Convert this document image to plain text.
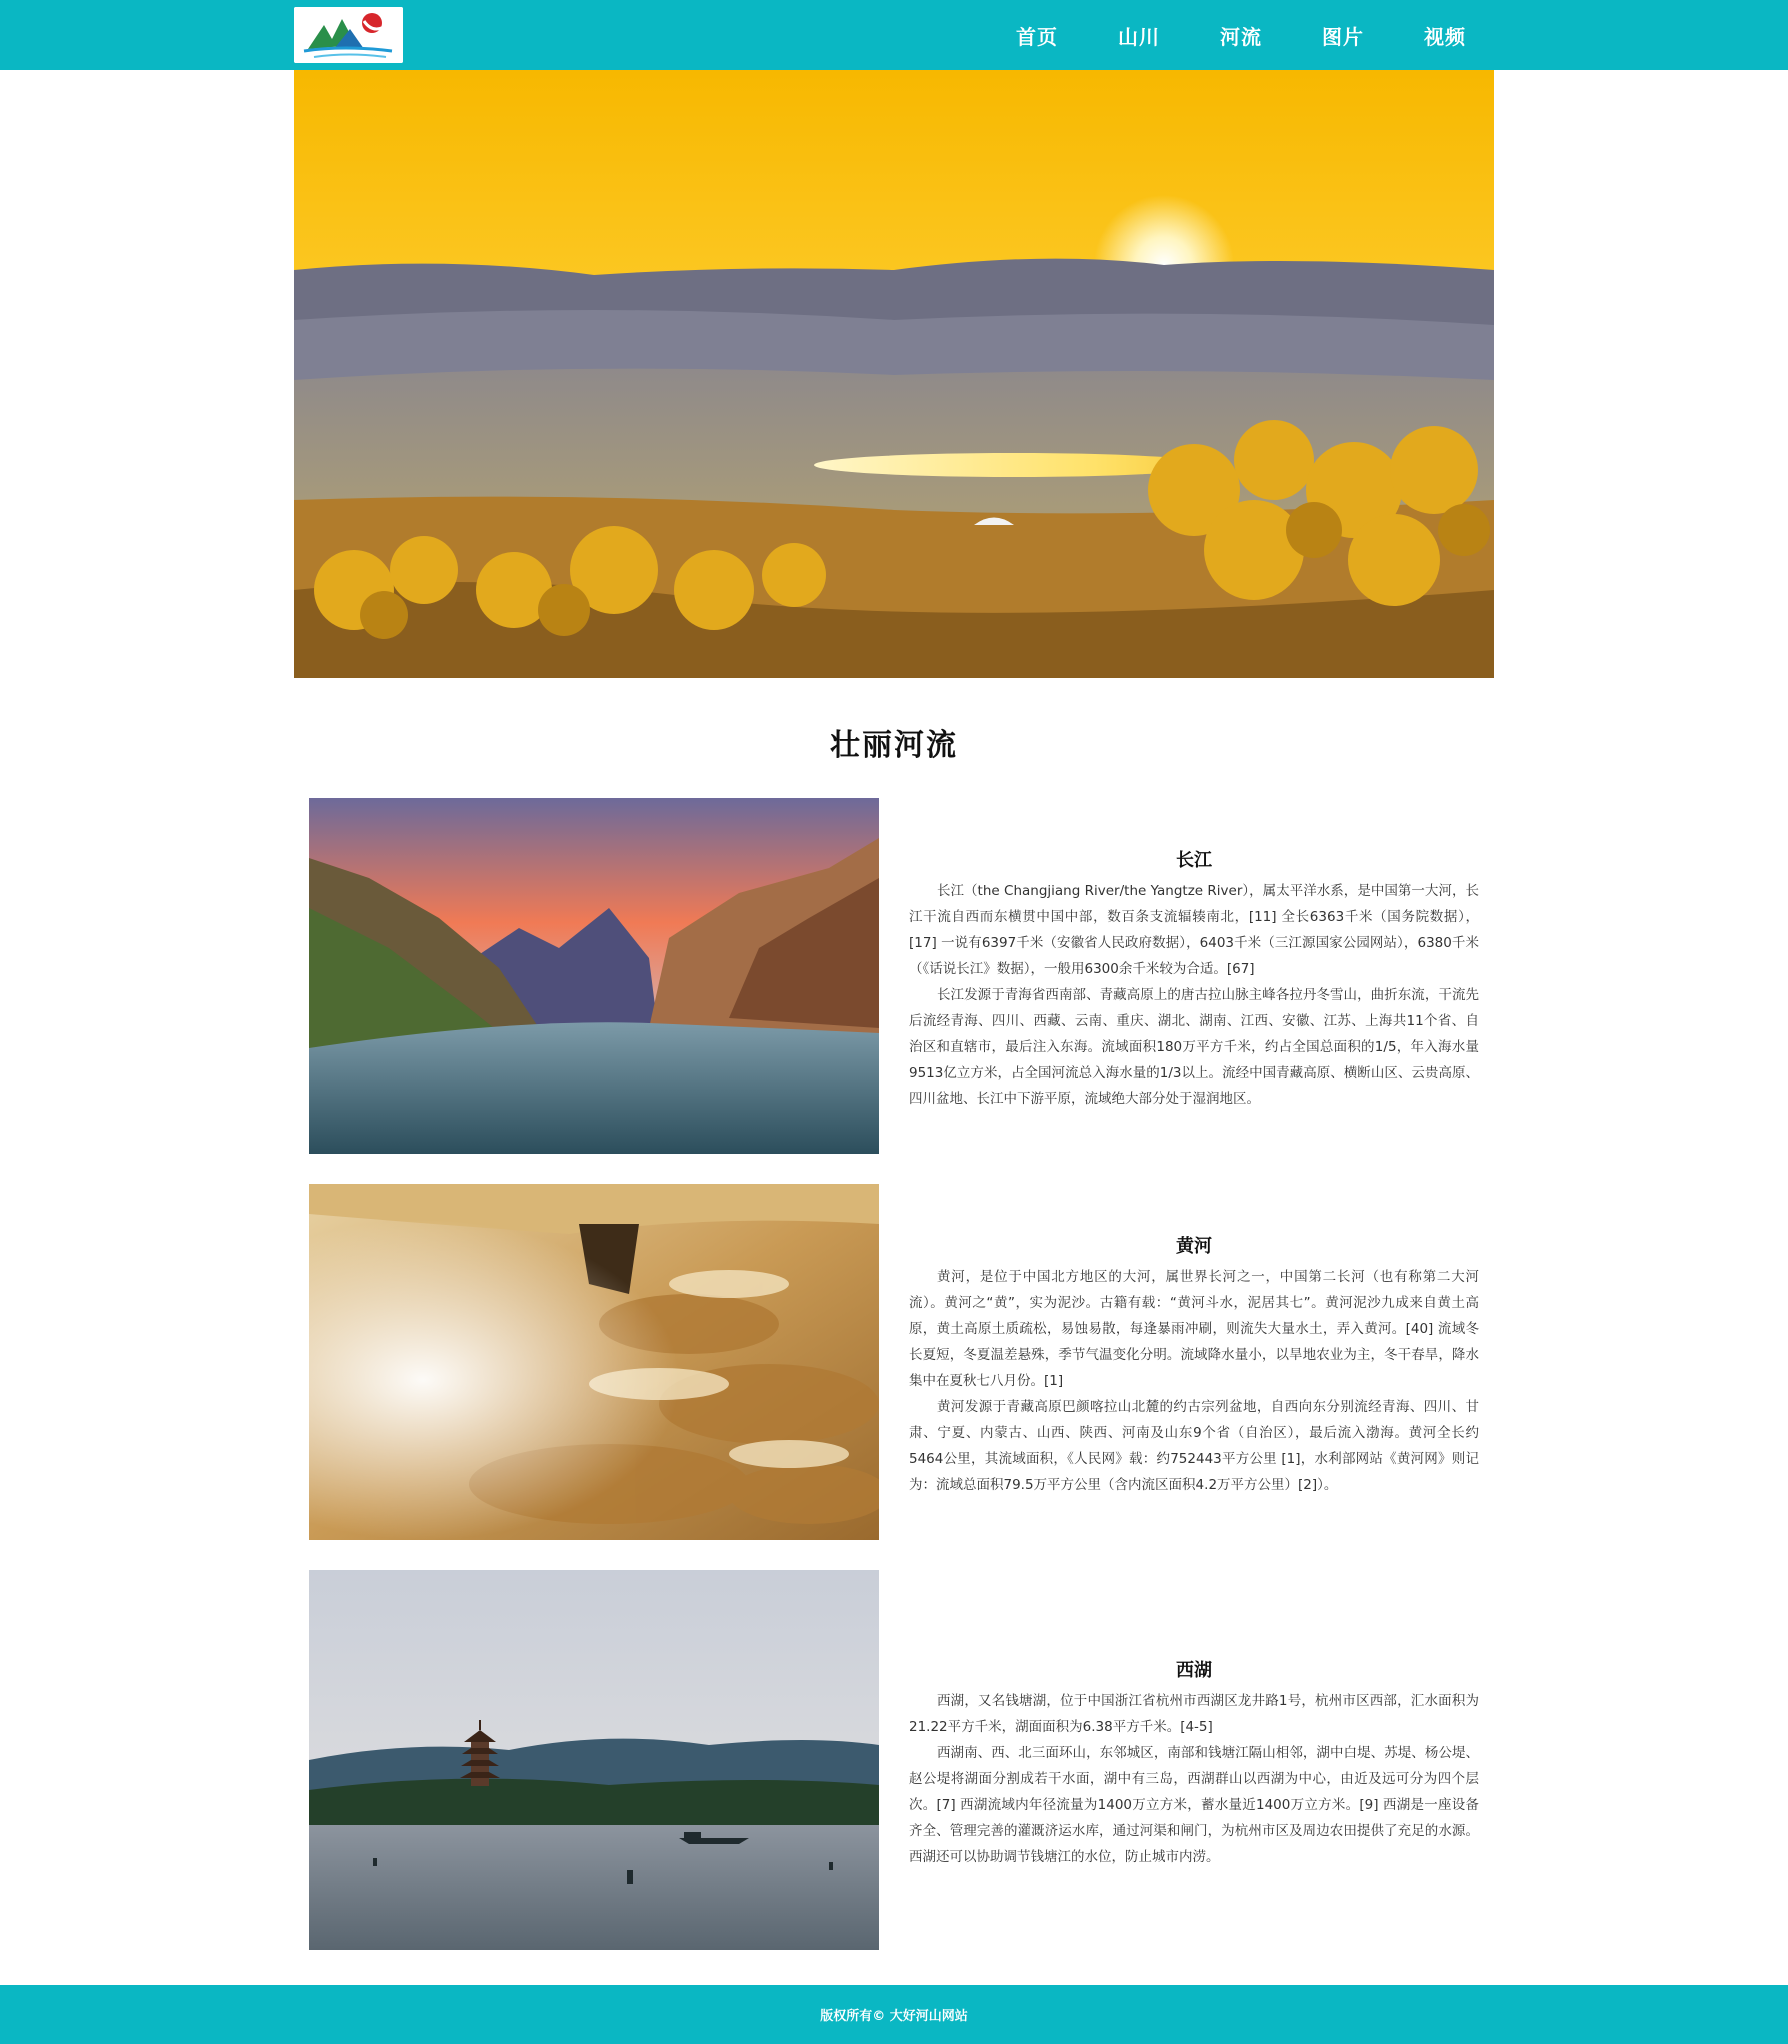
首页	山川	河流	图片	视频
壮丽河流
长江

长江（the Changjiang River/the Yangtze River），属太平洋水系，是中国第一大河，长江干流自西而东横贯中国中部，数百条支流辐辏南北，[11] 全长6363千米（国务院数据），[17] 一说有6397千米（安徽省人民政府数据），6403千米（三江源国家公园网站），6380千米（《话说长江》数据），一般用6300余千米较为合适。[67]

长江发源于青海省西南部、青藏高原上的唐古拉山脉主峰各拉丹冬雪山，曲折东流，干流先后流经青海、四川、西藏、云南、重庆、湖北、湖南、江西、安徽、江苏、上海共11个省、自治区和直辖市，最后注入东海。流域面积180万平方千米，约占全国总面积的1/5，年入海水量9513亿立方米，占全国河流总入海水量的1/3以上。流经中国青藏高原、横断山区、云贵高原、四川盆地、长江中下游平原，流域绝大部分处于湿润地区。

黄河

黄河，是位于中国北方地区的大河，属世界长河之一，中国第二长河（也有称第二大河流）。黄河之“黄”，实为泥沙。古籍有载：“黄河斗水，泥居其七”。黄河泥沙九成来自黄土高原，黄土高原土质疏松，易蚀易散，每逢暴雨冲刷，则流失大量水土，弄入黄河。[40] 流域冬长夏短，冬夏温差悬殊，季节气温变化分明。流域降水量小，以旱地农业为主，冬干春旱，降水集中在夏秋七八月份。[1]

黄河发源于青藏高原巴颜喀拉山北麓的约古宗列盆地，自西向东分别流经青海、四川、甘肃、宁夏、内蒙古、山西、陕西、河南及山东9个省（自治区），最后流入渤海。黄河全长约5464公里，其流域面积，《人民网》载：约752443平方公里 [1]，水利部网站《黄河网》则记为：流域总面积79.5万平方公里（含内流区面积4.2万平方公里）[2]）。

西湖

西湖，又名钱塘湖，位于中国浙江省杭州市西湖区龙井路1号，杭州市区西部，汇水面积为21.22平方千米，湖面面积为6.38平方千米。[4-5]

西湖南、西、北三面环山，东邻城区，南部和钱塘江隔山相邻，湖中白堤、苏堤、杨公堤、赵公堤将湖面分割成若干水面，湖中有三岛，西湖群山以西湖为中心，由近及远可分为四个层次。[7] 西湖流域内年径流量为1400万立方米，蓄水量近1400万立方米。[9] 西湖是一座设备齐全、管理完善的灌溉济运水库，通过河渠和闸门，为杭州市区及周边农田提供了充足的水源。西湖还可以协助调节钱塘江的水位，防止城市内涝。

版权所有© 大好河山网站
